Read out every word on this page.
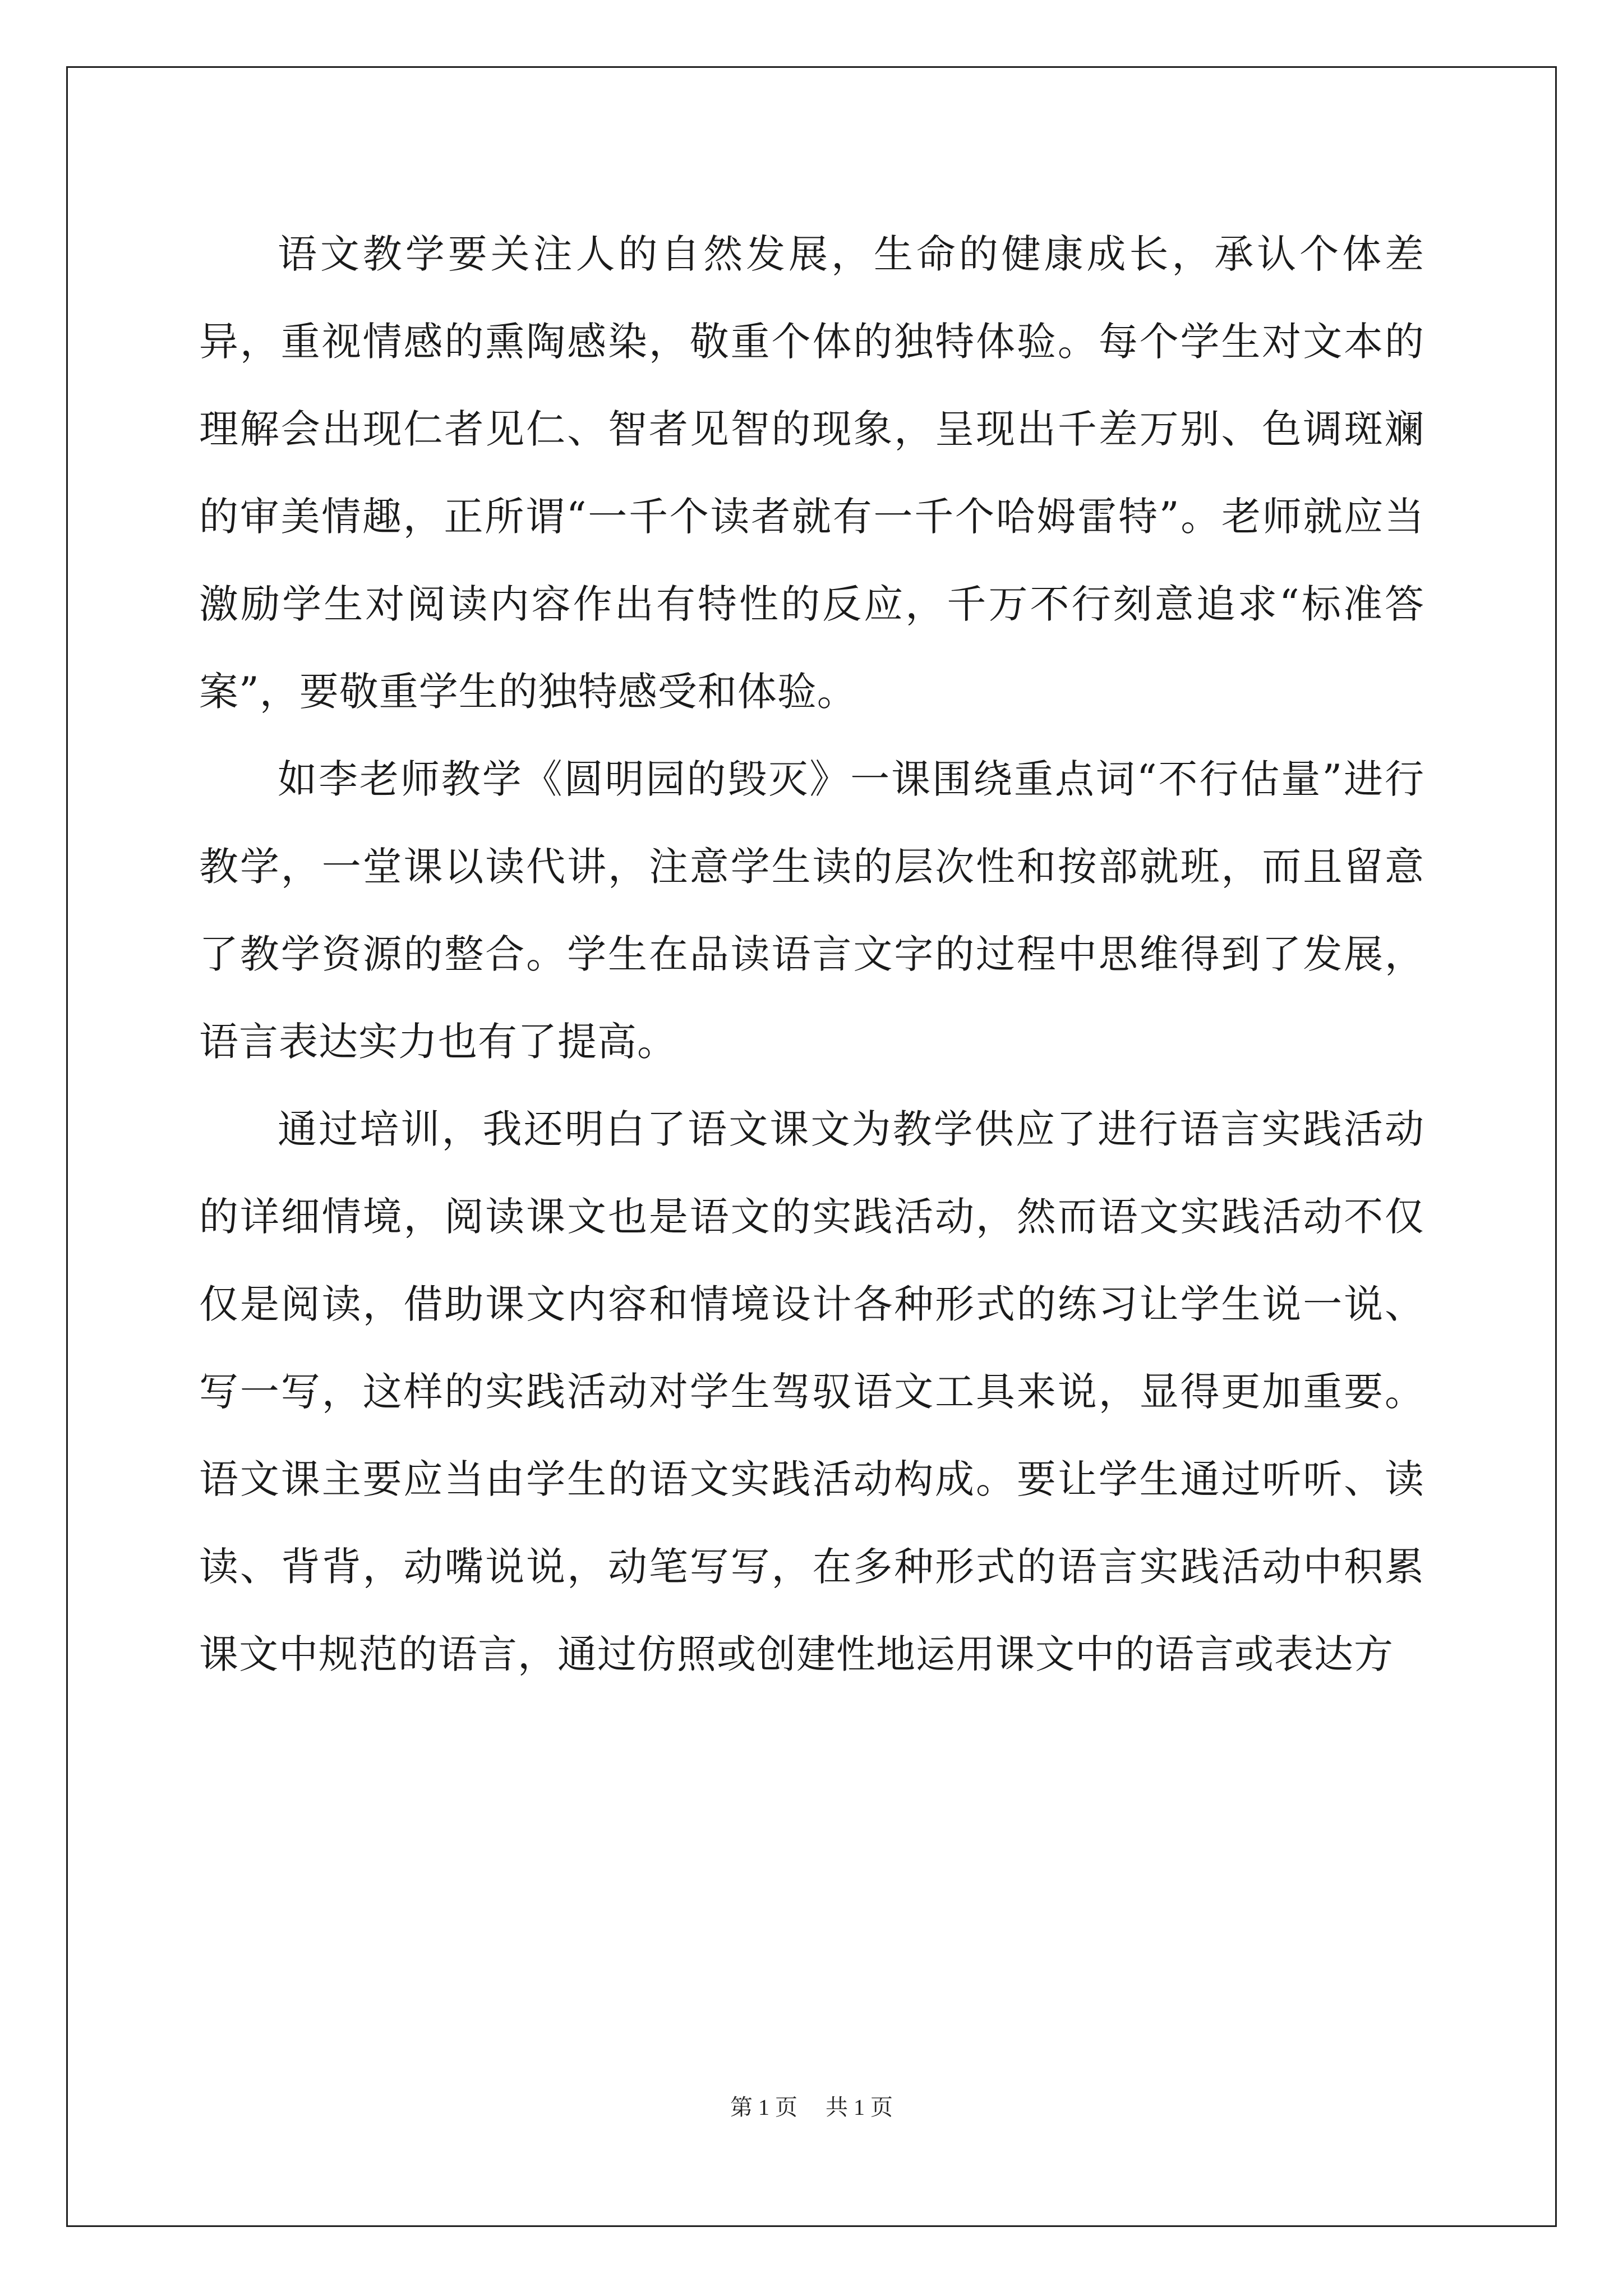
语文教学要关注人的自然发展，生命的健康成长，承认个体差异，重视情感的熏陶感染，敬重个体的独特体验。每个学生对文本的理解会出现仁者见仁、智者见智的现象，呈现出千差万别、色调斑斓的审美情趣，正所谓“一千个读者就有一千个哈姆雷特”。老师就应当激励学生对阅读内容作出有特性的反应，千万不行刻意追求“标准答案”，要敬重学生的独特感受和体验。

如李老师教学《圆明园的毁灭》一课围绕重点词“不行估量”进行教学，一堂课以读代讲，注意学生读的层次性和按部就班，而且留意了教学资源的整合。学生在品读语言文字的过程中思维得到了发展，语言表达实力也有了提高。

通过培训，我还明白了语文课文为教学供应了进行语言实践活动的详细情境，阅读课文也是语文的实践活动，然而语文实践活动不仅仅是阅读，借助课文内容和情境设计各种形式的练习让学生说一说、写一写，这样的实践活动对学生驾驭语文工具来说，显得更加重要。语文课主要应当由学生的语文实践活动构成。要让学生通过听听、读读、背背，动嘴说说，动笔写写，在多种形式的语言实践活动中积累课文中规范的语言，通过仿照或创建性地运用课文中的语言或表达方

第 1 页 共 1 页
